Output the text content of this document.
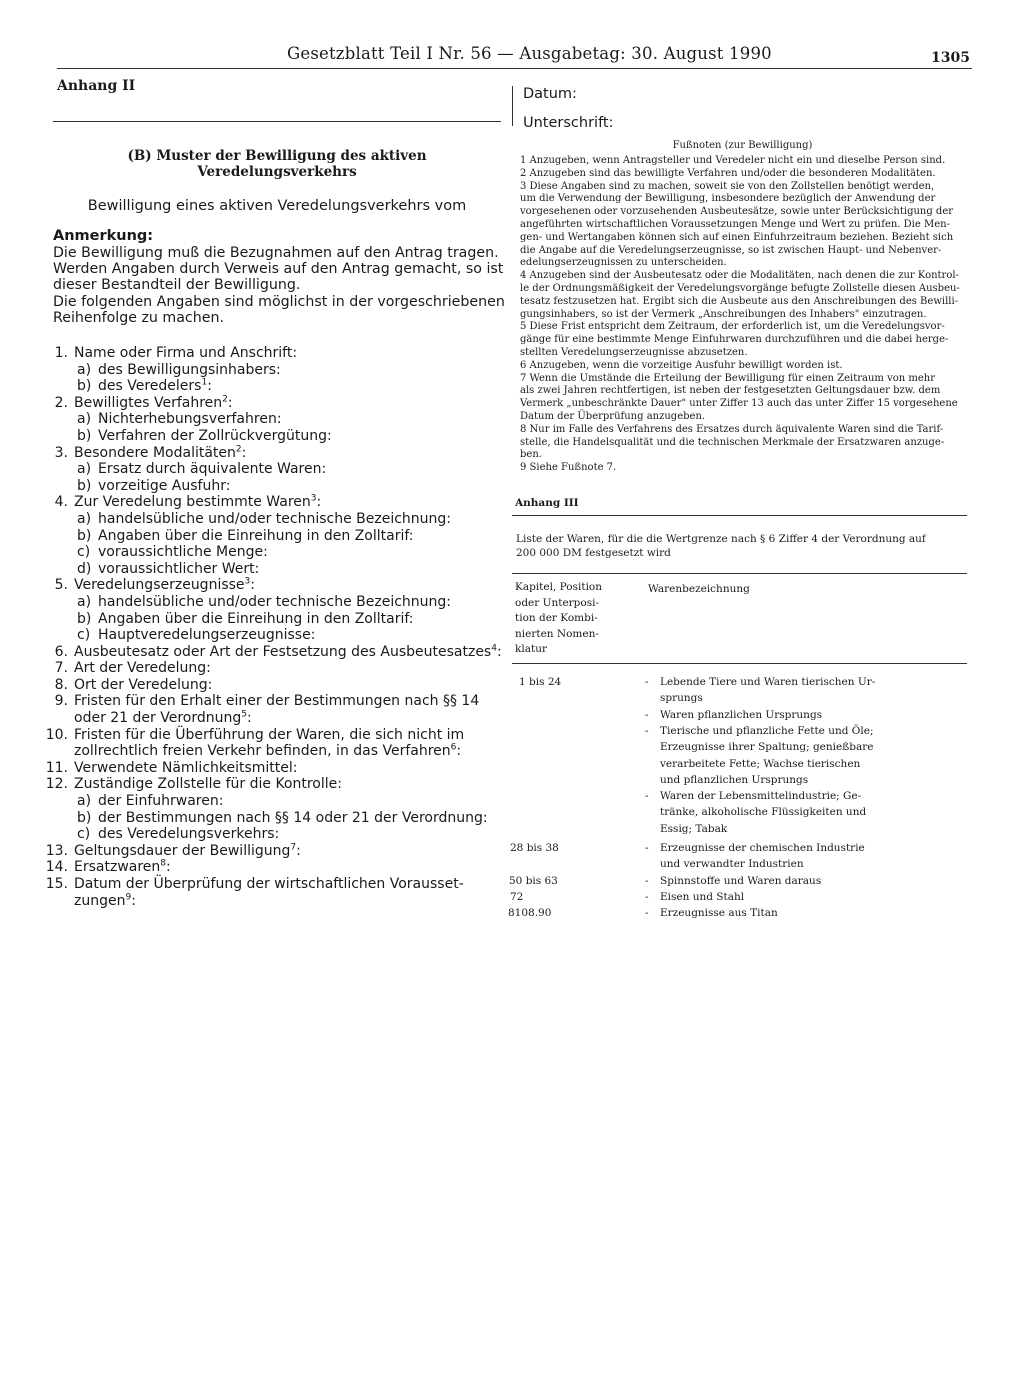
Gesetzblatt Teil I Nr. 56 — Ausgabetag: 30. August 1990	1305
Anhang II
(B) Muster der Bewilligung des aktiven
Veredelungsverkehrs
Bewilligung eines aktiven Veredelungsverkehrs vom
Anmerkung:
Die Bewilligung muß die Bezugnahmen auf den Antrag tragen.
Werden Angaben durch Verweis auf den Antrag gemacht, so ist
dieser Bestandteil der Bewilligung.
Die folgenden Angaben sind möglichst in der vorgeschriebenen
Reihenfolge zu machen.
1. Name oder Firma und Anschrift:
a) des Bewilligungsinhabers:
b) des Veredelers$^1$:
2. Bewilligtes Verfahren$^2$:
a) Nichterhebungsverfahren:
b) Verfahren der Zollrückvergütung:
3. Besondere Modalitäten$^2$:
a) Ersatz durch äquivalente Waren:
b) vorzeitige Ausfuhr:
4. Zur Veredelung bestimmte Waren$^3$:
a) handelsübliche und/oder technische Bezeichnung:
b) Angaben über die Einreihung in den Zolltarif:
c) voraussichtliche Menge:
d) voraussichtlicher Wert:
5. Veredelungserzeugnisse$^3$:
a) handelsübliche und/oder technische Bezeichnung:
b) Angaben über die Einreihung in den Zolltarif:
c) Hauptveredelungserzeugnisse:
6. Ausbeutesatz oder Art der Festsetzung des Ausbeutesatzes$^4$:
7. Art der Veredelung:
8. Ort der Veredelung:
9. Fristen für den Erhalt einer der Bestimmungen nach §§ 14
oder 21 der Verordnung$^5$:
10. Fristen für die Überführung der Waren, die sich nicht im
zollrechtlich freien Verkehr befinden, in das Verfahren$^6$:
11. Verwendete Nämlichkeitsmittel:
12. Zuständige Zollstelle für die Kontrolle:
a) der Einfuhrwaren:
b) der Bestimmungen nach §§ 14 oder 21 der Verordnung:
c) des Veredelungsverkehrs:
13. Geltungsdauer der Bewilligung$^7$:
14. Ersatzwaren$^8$:
15. Datum der Überprüfung der wirtschaftlichen Vorausset-
zungen$^9$:
Datum:
Unterschrift:
Fußnoten (zur Bewilligung)
1 Anzugeben, wenn Antragsteller und Veredeler nicht ein und dieselbe Person sind.
2 Anzugeben sind das bewilligte Verfahren und/oder die besonderen Modalitäten.
3 Diese Angaben sind zu machen, soweit sie von den Zollstellen benötigt werden,
um die Verwendung der Bewilligung, insbesondere bezüglich der Anwendung der
vorgesehenen oder vorzusehenden Ausbeutesätze, sowie unter Berücksichtigung der
angeführten wirtschaftlichen Voraussetzungen Menge und Wert zu prüfen. Die Men-
gen- und Wertangaben können sich auf einen Einfuhrzeitraum beziehen. Bezieht sich
die Angabe auf die Veredelungserzeugnisse, so ist zwischen Haupt- und Nebenver-
edelungserzeugnissen zu unterscheiden.
4 Anzugeben sind der Ausbeutesatz oder die Modalitäten, nach denen die zur Kontrol-
le der Ordnungsmäßigkeit der Veredelungsvorgänge befugte Zollstelle diesen Ausbeu-
tesatz festzusetzen hat. Ergibt sich die Ausbeute aus den Anschreibungen des Bewilli-
gungsinhabers, so ist der Vermerk „Anschreibungen des Inhabers" einzutragen.
5 Diese Frist entspricht dem Zeitraum, der erforderlich ist, um die Veredelungsvor-
gänge für eine bestimmte Menge Einfuhrwaren durchzuführen und die dabei herge-
stellten Veredelungserzeugnisse abzusetzen.
6 Anzugeben, wenn die vorzeitige Ausfuhr bewilligt worden ist.
7 Wenn die Umstände die Erteilung der Bewilligung für einen Zeitraum von mehr
als zwei Jahren rechtfertigen, ist neben der festgesetzten Geltungsdauer bzw. dem
Vermerk „unbeschränkte Dauer" unter Ziffer 13 auch das unter Ziffer 15 vorgesehene
Datum der Überprüfung anzugeben.
8 Nur im Falle des Verfahrens des Ersatzes durch äquivalente Waren sind die Tarif-
stelle, die Handelsqualität und die technischen Merkmale der Ersatzwaren anzuge-
ben.
9 Siehe Fußnote 7.
Anhang III
Liste der Waren, für die die Wertgrenze nach § 6 Ziffer 4 der Verordnung auf
200 000 DM festgesetzt wird
Kapitel, Position
oder Unterposi-
tion der Kombi-
nierten Nomen-
klatur
Warenbezeichnung
1 bis 24	- Lebende Tiere und Waren tierischen Ur-
sprungs
- Waren pflanzlichen Ursprungs
- Tierische und pflanzliche Fette und Öle;
Erzeugnisse ihrer Spaltung; genießbare
verarbeitete Fette; Wachse tierischen
und pflanzlichen Ursprungs
- Waren der Lebensmittelindustrie; Ge-
tränke, alkoholische Flüssigkeiten und
Essig; Tabak
28 bis 38	- Erzeugnisse der chemischen Industrie
und verwandter Industrien
50 bis 63	- Spinnstoffe und Waren daraus
72	- Eisen und Stahl
8108.90	- Erzeugnisse aus Titan
